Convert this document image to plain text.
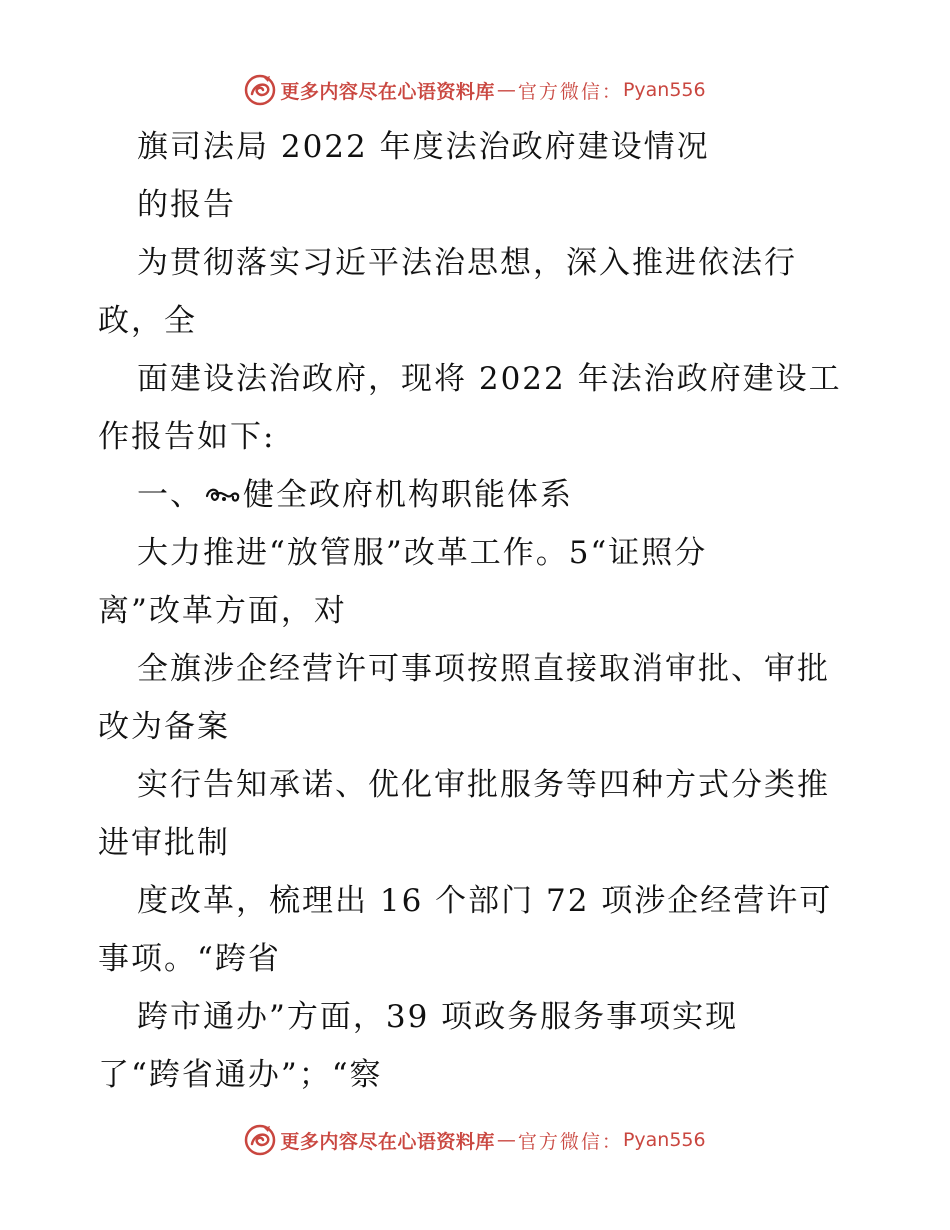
更多内容尽在心语资料库 — 官方微信： Pyan556
旗司法局 2022 年度法治政府建设情况
的报告
为贯彻落实习近平法治思想，深入推进依法行
政，全
面建设法治政府，现将 2022 年法治政府建设工
作报告如下:
一、 健全政府机构职能体系
大力推进“放管服”改革工作。5“证照分
离”改革方面，对
全旗涉企经营许可事项按照直接取消审批、审批
改为备案
实行告知承诺、优化审批服务等四种方式分类推
进审批制
度改革，梳理出 16 个部门 72 项涉企经营许可
事项。“跨省
跨市通办”方面，39 项政务服务事项实现
了“跨省通办”；“察
更多内容尽在心语资料库 — 官方微信： Pyan556
